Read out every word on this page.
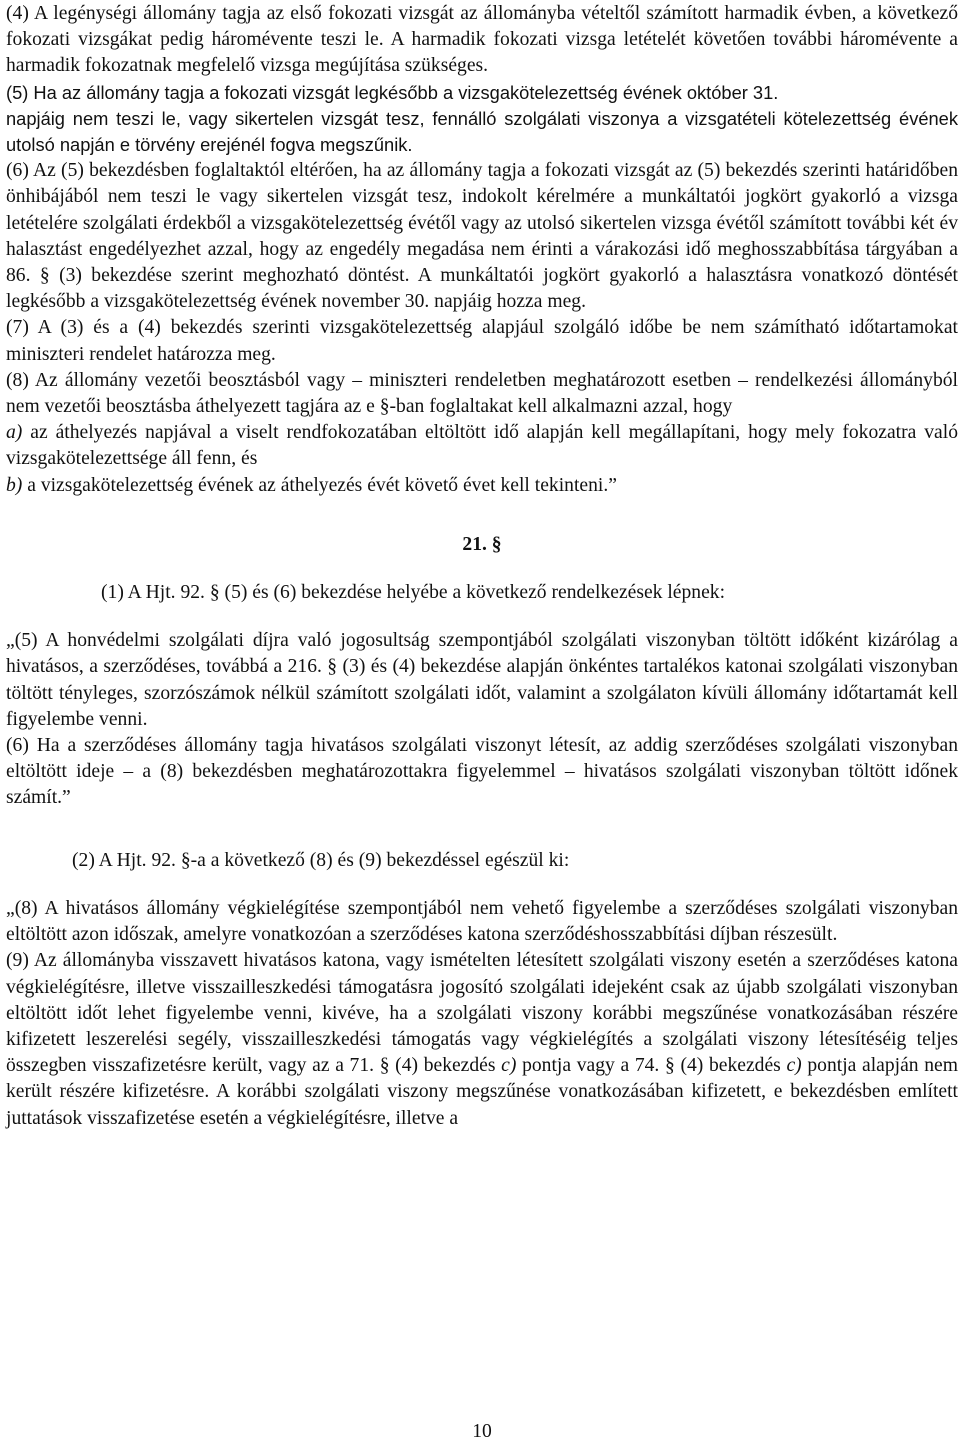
(4) A legénységi állomány tagja az első fokozati vizsgát az állományba vételtől számított harmadik évben, a következő fokozati vizsgákat pedig háromévente teszi le. A harmadik fokozati vizsga letételét követően további háromévente a harmadik fokozatnak megfelelő vizsga megújítása szükséges.

(5) Ha az állomány tagja a fokozati vizsgát legkésőbb a vizsgakötelezettség évének október 31.

napjáig nem teszi le, vagy sikertelen vizsgát tesz, fennálló szolgálati viszonya a vizsgatételi kötelezettség évének utolsó napján e törvény erejénél fogva megszűnik.

(6) Az (5) bekezdésben foglaltaktól eltérően, ha az állomány tagja a fokozati vizsgát az (5) bekezdés szerinti határidőben önhibájából nem teszi le vagy sikertelen vizsgát tesz, indokolt kérelmére a munkáltatói jogkört gyakorló a vizsga letételére szolgálati érdekből a vizsgakötelezettség évétől vagy az utolsó sikertelen vizsga évétől számított további két év halasztást engedélyezhet azzal, hogy az engedély megadása nem érinti a várakozási idő meghosszabbítása tárgyában a 86. § (3) bekezdése szerint meghozható döntést. A munkáltatói jogkört gyakorló a halasztásra vonatkozó döntését legkésőbb a vizsgakötelezettség évének november 30. napjáig hozza meg.

(7) A (3) és a (4) bekezdés szerinti vizsgakötelezettség alapjául szolgáló időbe be nem számítható időtartamokat miniszteri rendelet határozza meg.

(8) Az állomány vezetői beosztásból vagy – miniszteri rendeletben meghatározott esetben – rendelkezési állományból nem vezetői beosztásba áthelyezett tagjára az e §-ban foglaltakat kell alkalmazni azzal, hogy

a) az áthelyezés napjával a viselt rendfokozatában eltöltött idő alapján kell megállapítani, hogy mely fokozatra való vizsgakötelezettsége áll fenn, és

b) a vizsgakötelezettség évének az áthelyezés évét követő évet kell tekinteni.”

21. §

(1) A Hjt. 92. § (5) és (6) bekezdése helyébe a következő rendelkezések lépnek:

„(5) A honvédelmi szolgálati díjra való jogosultság szempontjából szolgálati viszonyban töltött időként kizárólag a hivatásos, a szerződéses, továbbá a 216. § (3) és (4) bekezdése alapján önkéntes tartalékos katonai szolgálati viszonyban töltött tényleges, szorzószámok nélkül számított szolgálati időt, valamint a szolgálaton kívüli állomány időtartamát kell figyelembe venni.

(6) Ha a szerződéses állomány tagja hivatásos szolgálati viszonyt létesít, az addig szerződéses szolgálati viszonyban eltöltött ideje – a (8) bekezdésben meghatározottakra figyelemmel – hivatásos szolgálati viszonyban töltött időnek számít.”

(2) A Hjt. 92. §-a a következő (8) és (9) bekezdéssel egészül ki:

„(8) A hivatásos állomány végkielégítése szempontjából nem vehető figyelembe a szerződéses szolgálati viszonyban eltöltött azon időszak, amelyre vonatkozóan a szerződéses katona szerződéshosszabbítási díjban részesült.

(9) Az állományba visszavett hivatásos katona, vagy ismételten létesített szolgálati viszony esetén a szerződéses katona végkielégítésre, illetve visszailleszkedési támogatásra jogosító szolgálati idejeként csak az újabb szolgálati viszonyban eltöltött időt lehet figyelembe venni, kivéve, ha a szolgálati viszony korábbi megszűnése vonatkozásában részére kifizetett leszerelési segély, visszailleszkedési támogatás vagy végkielégítés a szolgálati viszony létesítéséig teljes összegben visszafizetésre került, vagy az a 71. § (4) bekezdés c) pontja vagy a 74. § (4) bekezdés c) pontja alapján nem került részére kifizetésre. A korábbi szolgálati viszony megszűnése vonatkozásában kifizetett, e bekezdésben említett juttatások visszafizetése esetén a végkielégítésre, illetve a

10
